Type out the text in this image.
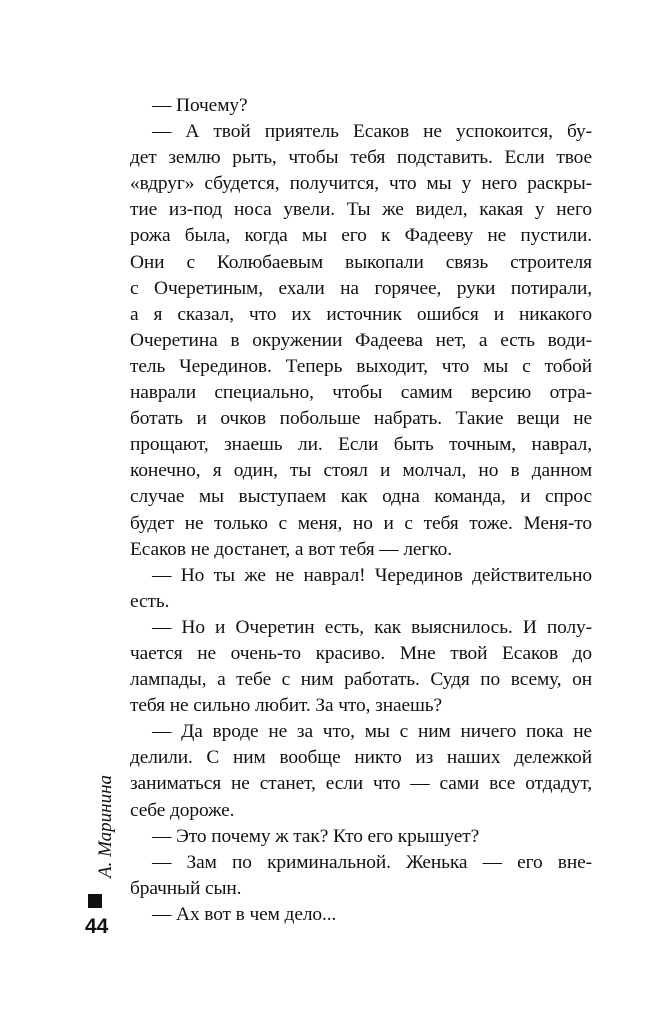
— Почему?
— А твой приятель Есаков не успокоится, бу-
дет землю рыть, чтобы тебя подставить. Если твое
«вдруг» сбудется, получится, что мы у него раскры-
тие из-под носа увели. Ты же видел, какая у него
рожа была, когда мы его к Фадееву не пустили.
Они с Колюбаевым выкопали связь строителя
с Очеретиным, ехали на горячее, руки потирали,
а я сказал, что их источник ошибся и никакого
Очеретина в окружении Фадеева нет, а есть води-
тель Черединов. Теперь выходит, что мы с тобой
наврали специально, чтобы самим версию отра-
ботать и очков побольше набрать. Такие вещи не
прощают, знаешь ли. Если быть точным, наврал,
конечно, я один, ты стоял и молчал, но в данном
случае мы выступаем как одна команда, и спрос
будет не только с меня, но и с тебя тоже. Меня-то
Есаков не достанет, а вот тебя — легко.
— Но ты же не наврал! Черединов действительно
есть.
— Но и Очеретин есть, как выяснилось. И полу-
чается не очень-то красиво. Мне твой Есаков до
лампады, а тебе с ним работать. Судя по всему, он
тебя не сильно любит. За что, знаешь?
— Да вроде не за что, мы с ним ничего пока не
делили. С ним вообще никто из наших дележкой
заниматься не станет, если что — сами все отдадут,
себе дороже.
— Это почему ж так? Кто его крышует?
— Зам по криминальной. Женька — его вне-
брачный сын.
— Ах вот в чем дело...
А. Маринина
44
